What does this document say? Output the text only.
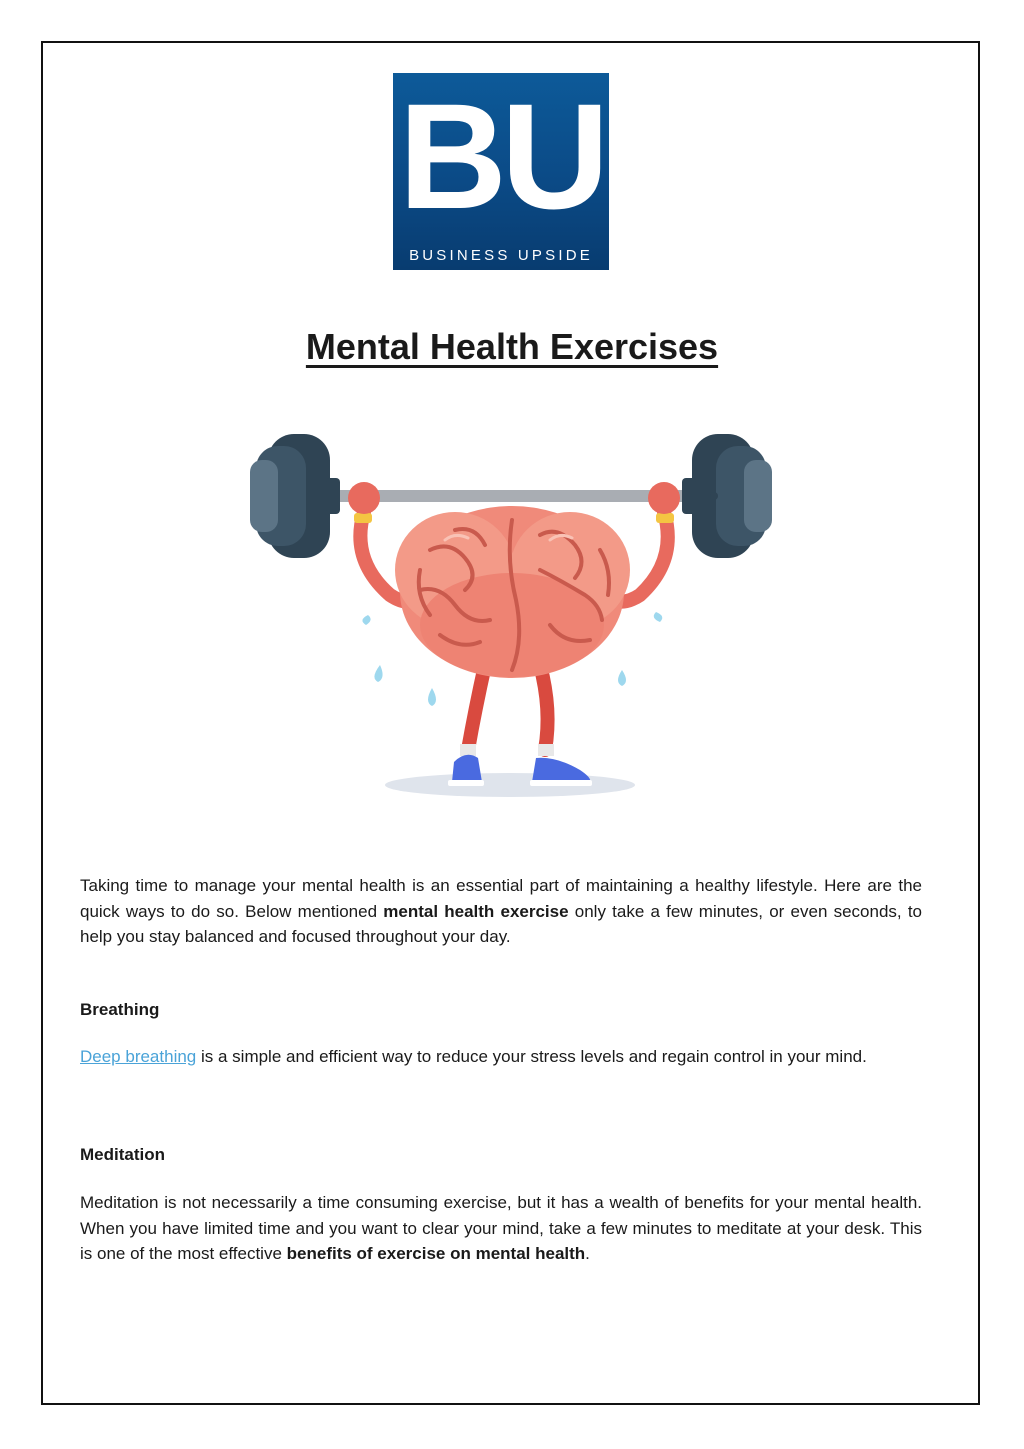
BU
BUSINESS UPSIDE
Mental Health Exercises
Taking time to manage your mental health is an essential part of maintaining a healthy lifestyle. Here are the quick ways to do so. Below mentioned mental health exercise only take a few minutes, or even seconds, to help you stay balanced and focused throughout your day.
Breathing
Deep breathing is a simple and efficient way to reduce your stress levels and regain control in your mind.
Meditation
Meditation is not necessarily a time consuming exercise, but it has a wealth of benefits for your mental health. When you have limited time and you want to clear your mind, take a few minutes to meditate at your desk. This is one of the most effective benefits of exercise on mental health.
